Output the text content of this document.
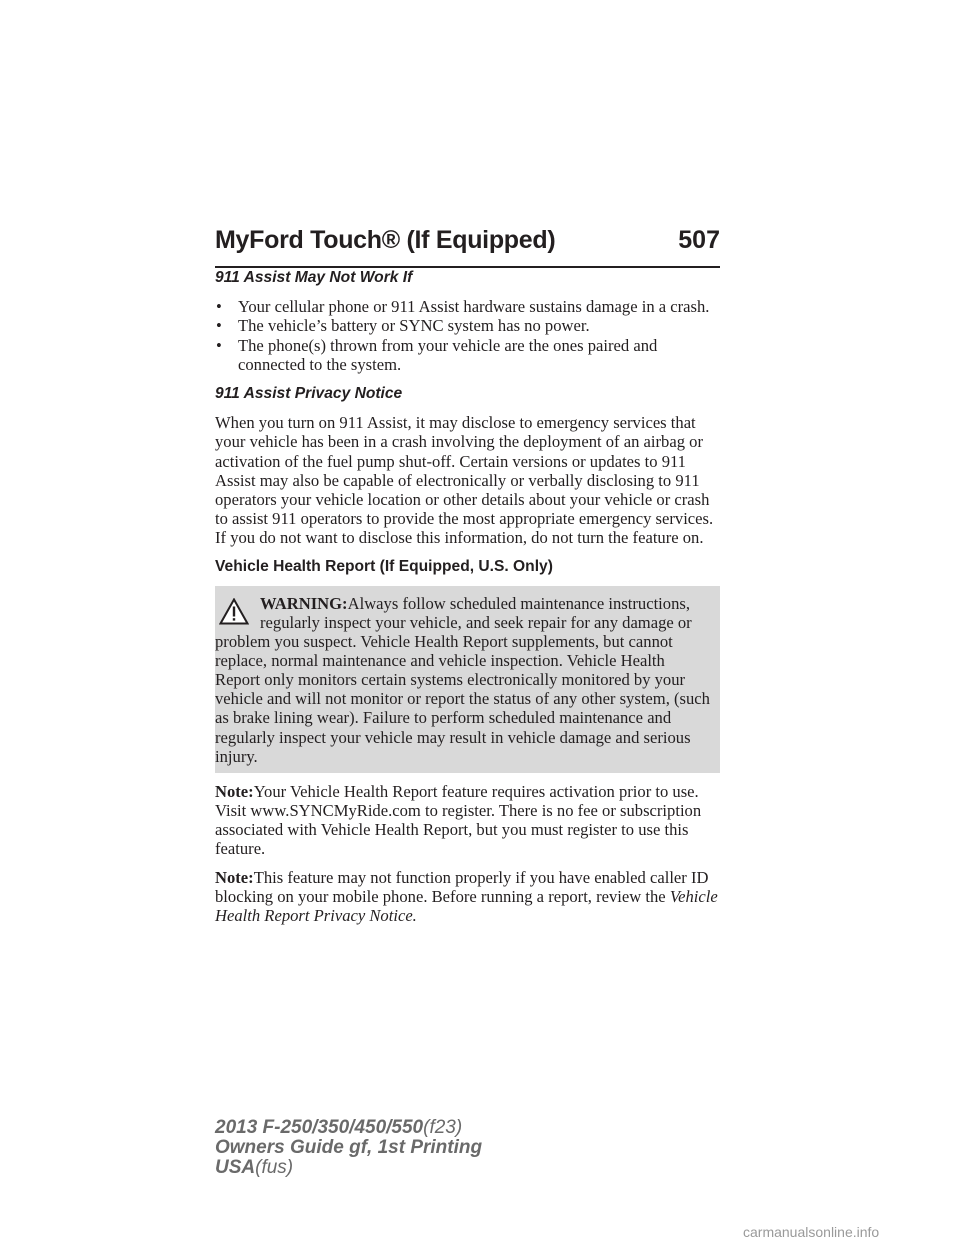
MyFord Touch® (If Equipped)	507
911 Assist May Not Work If
• Your cellular phone or 911 Assist hardware sustains damage in a crash.
• The vehicle’s battery or SYNC system has no power.
• The phone(s) thrown from your vehicle are the ones paired and connected to the system.
911 Assist Privacy Notice

When you turn on 911 Assist, it may disclose to emergency services that your vehicle has been in a crash involving the deployment of an airbag or activation of the fuel pump shut-off. Certain versions or updates to 911 Assist may also be capable of electronically or verbally disclosing to 911 operators your vehicle location or other details about your vehicle or crash to assist 911 operators to provide the most appropriate emergency services. If you do not want to disclose this information, do not turn the feature on.

Vehicle Health Report (If Equipped, U.S. Only)
WARNING:Always follow scheduled maintenance instructions,
regularly inspect your vehicle, and seek repair for any damage or
problem you suspect. Vehicle Health Report supplements, but cannot replace, normal maintenance and vehicle inspection. Vehicle Health Report only monitors certain systems electronically monitored by your vehicle and will not monitor or report the status of any other system, (such as brake lining wear). Failure to perform scheduled maintenance and regularly inspect your vehicle may result in vehicle damage and serious injury.

Note:Your Vehicle Health Report feature requires activation prior to use. Visit www.SYNCMyRide.com to register. There is no fee or subscription associated with Vehicle Health Report, but you must register to use this feature.

Note:This feature may not function properly if you have enabled caller ID blocking on your mobile phone. Before running a report, review the Vehicle Health Report Privacy Notice.

2013 F-250/350/450/550(f23)
Owners Guide gf, 1st Printing
USA(fus)
carmanualsonline.info
